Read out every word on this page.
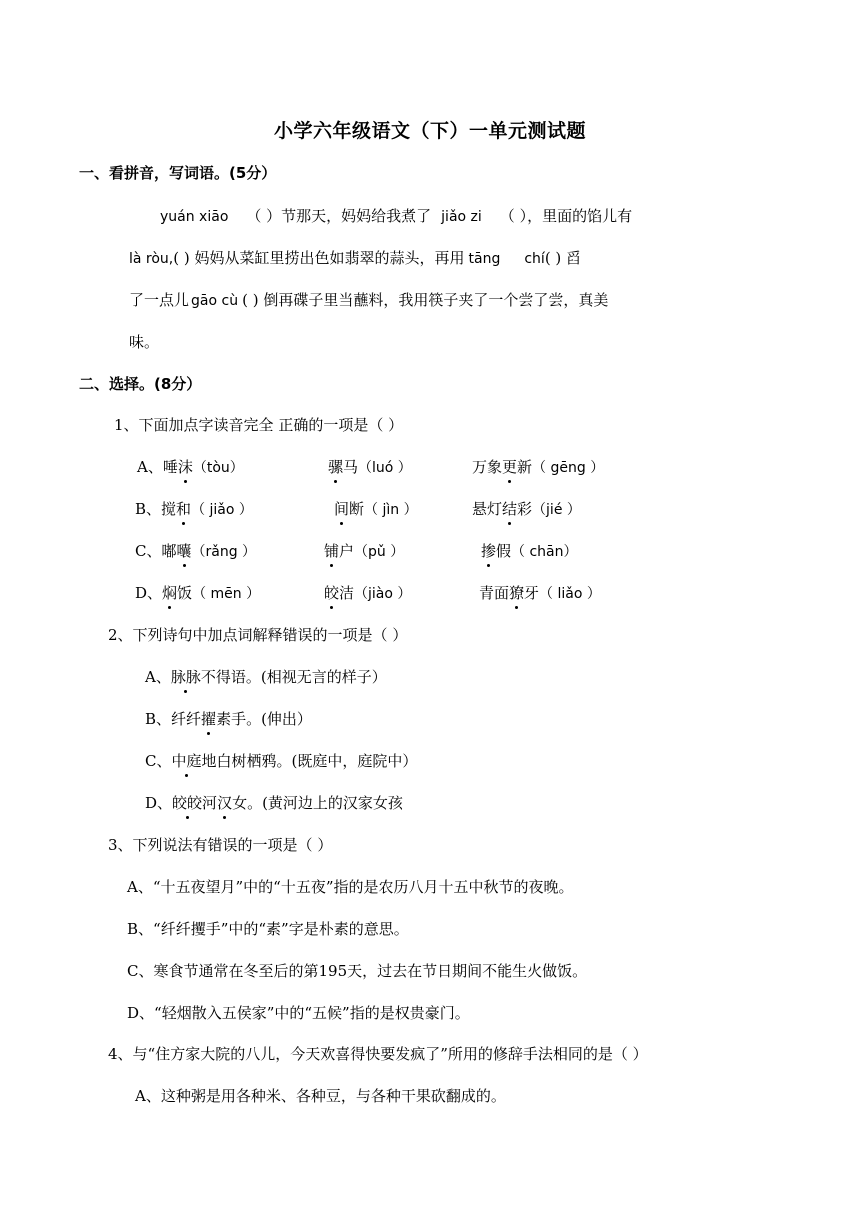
小学六年级语文（下）一单元测试题
一、看拼音，写词语。(5分）
yuán xiāo （ ）节那天，妈妈给我煮了 jiǎo zi （ ），里面的馅儿有
là ròu,( ) 妈妈从菜缸里捞出色如翡翠的蒜头，再用 tāng chí( ) 舀
了一点儿 gāo cù ( ) 倒再碟子里当蘸料，我用筷子夹了一个尝了尝，真美
味。
二、选择。(8分）
1、下面加点字读音完全 正确的一项是（ ）
A、唾沫（tòu）	骡马（luó ）	万象更新（ gēng ）
B、搅和（ jiǎo ）	间断（ jìn ）	悬灯结彩（jié ）
C、嘟囔（rǎng ）	铺户（pǔ ）	掺假（ chān）
D、焖饭（ mēn ）	皎洁（jiào ）	青面獠牙（ liǎo ）
2、下列诗句中加点词解释错误的一项是（ ）
A、脉脉不得语。(相视无言的样子）
B、纤纤擢素手。(伸出）
C、中庭地白树栖鸦。(既庭中，庭院中）
D、皎皎河汉女。(黄河边上的汉家女孩
3、下列说法有错误的一项是（ ）
A、“十五夜望月”中的“十五夜”指的是农历八月十五中秋节的夜晚。
B、“纤纤攫手”中的“素”字是朴素的意思。
C、寒食节通常在冬至后的第195天，过去在节日期间不能生火做饭。
D、“轻烟散入五侯家”中的“五候”指的是权贵豪门。
4、与“住方家大院的八儿，今天欢喜得快要发疯了”所用的修辞手法相同的是（ ）
A、这种粥是用各种米、各种豆，与各种干果砍翻成的。
